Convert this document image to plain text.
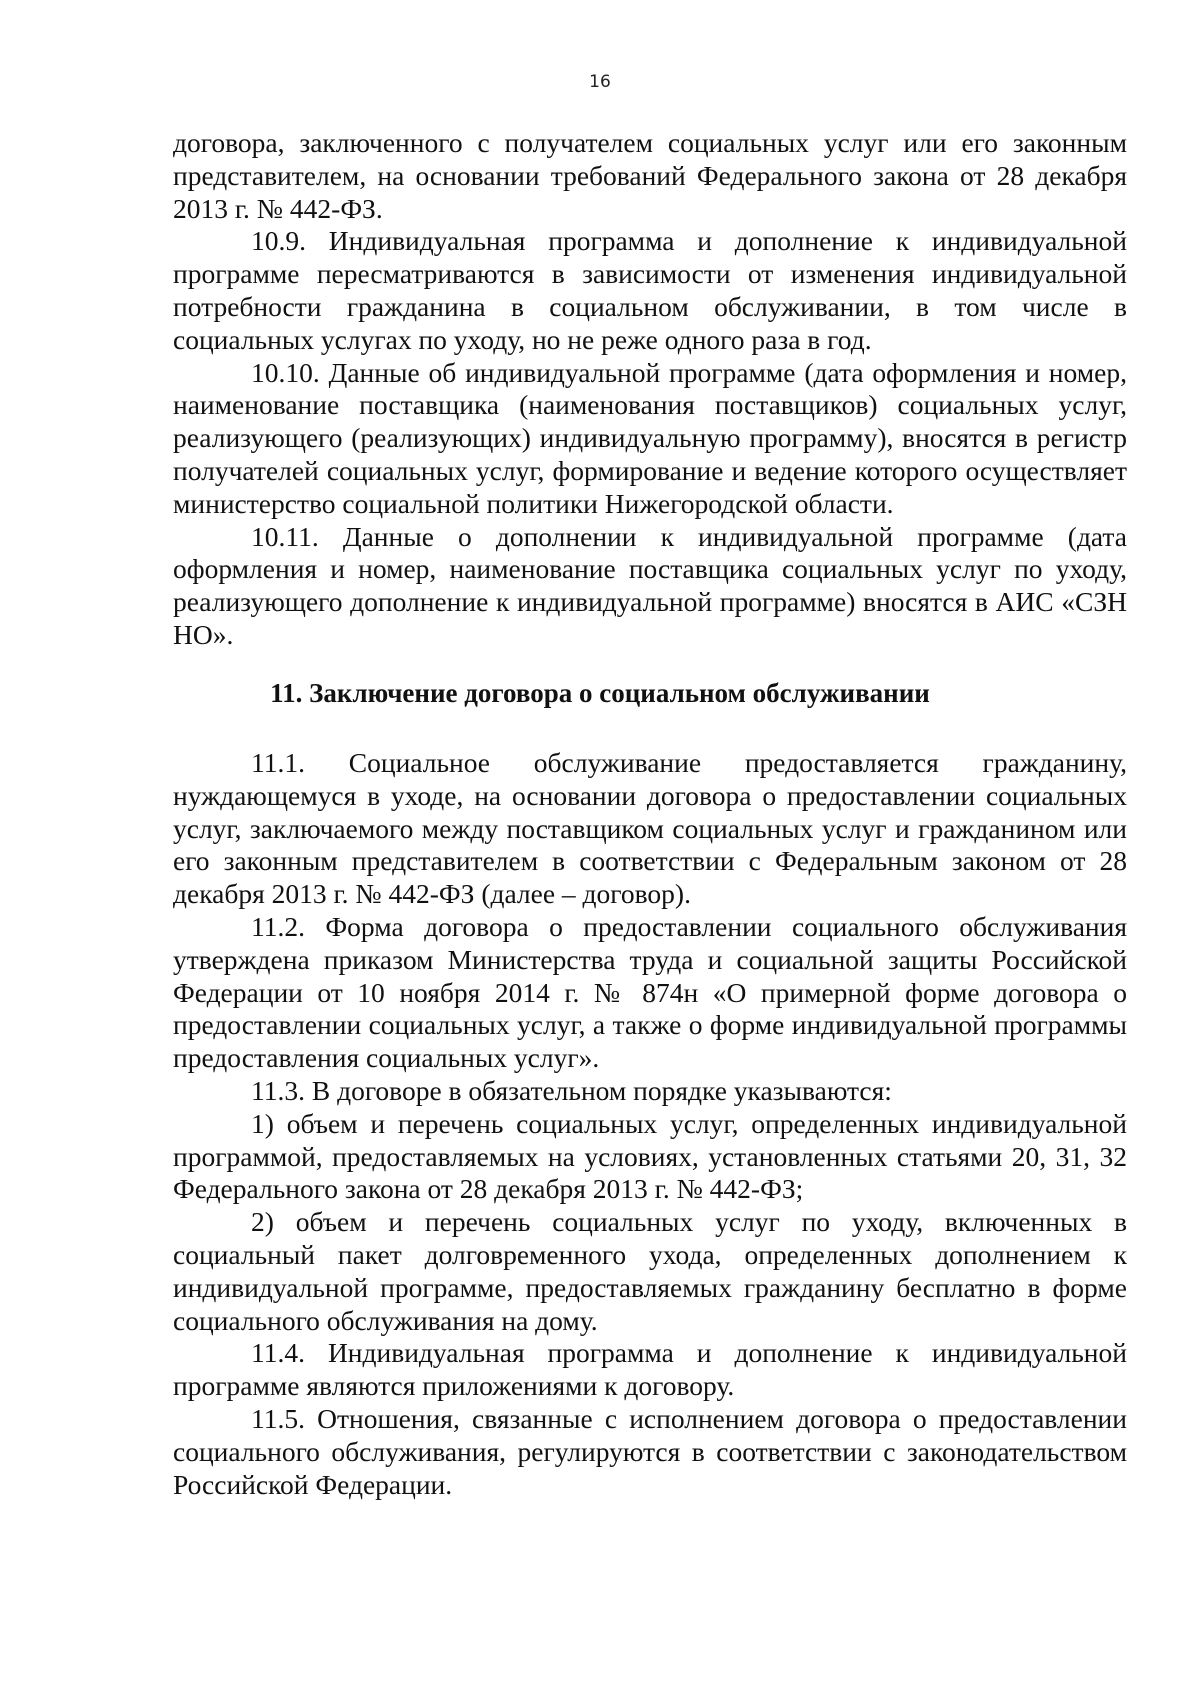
16

договора, заключенного с получателем социальных услуг или его законным представителем, на основании требований Федерального закона от 28 декабря 2013 г. № 442-ФЗ.

10.9. Индивидуальная программа и дополнение к индивидуальной программе пересматриваются в зависимости от изменения индивидуальной потребности гражданина в социальном обслуживании, в том числе в социальных услугах по уходу, но не реже одного раза в год.

10.10. Данные об индивидуальной программе (дата оформления и номер, наименование поставщика (наименования поставщиков) социальных услуг, реализующего (реализующих) индивидуальную программу), вносятся в регистр получателей социальных услуг, формирование и ведение которого осуществляет министерство социальной политики Нижегородской области.

10.11. Данные о дополнении к индивидуальной программе (дата оформления и номер, наименование поставщика социальных услуг по уходу, реализующего дополнение к индивидуальной программе) вносятся в АИС «СЗН НО».

11. Заключение договора о социальном обслуживании

11.1. Социальное обслуживание предоставляется гражданину, нуждающемуся в уходе, на основании договора о предоставлении социальных услуг, заключаемого между поставщиком социальных услуг и гражданином или его законным представителем в соответствии с Федеральным законом от 28 декабря 2013 г. № 442-ФЗ (далее – договор).

11.2. Форма договора о предоставлении социального обслуживания утверждена приказом Министерства труда и социальной защиты Российской Федерации от 10 ноября 2014 г. № 874н «О примерной форме договора о предоставлении социальных услуг, а также о форме индивидуальной программы предоставления социальных услуг».

11.3. В договоре в обязательном порядке указываются:

1) объем и перечень социальных услуг, определенных индивидуальной программой, предоставляемых на условиях, установленных статьями 20, 31, 32 Федерального закона от 28 декабря 2013 г. № 442-ФЗ;

2) объем и перечень социальных услуг по уходу, включенных в социальный пакет долговременного ухода, определенных дополнением к индивидуальной программе, предоставляемых гражданину бесплатно в форме социального обслуживания на дому.

11.4. Индивидуальная программа и дополнение к индивидуальной программе являются приложениями к договору.

11.5. Отношения, связанные с исполнением договора о предоставлении социального обслуживания, регулируются в соответствии с законодательством Российской Федерации.
